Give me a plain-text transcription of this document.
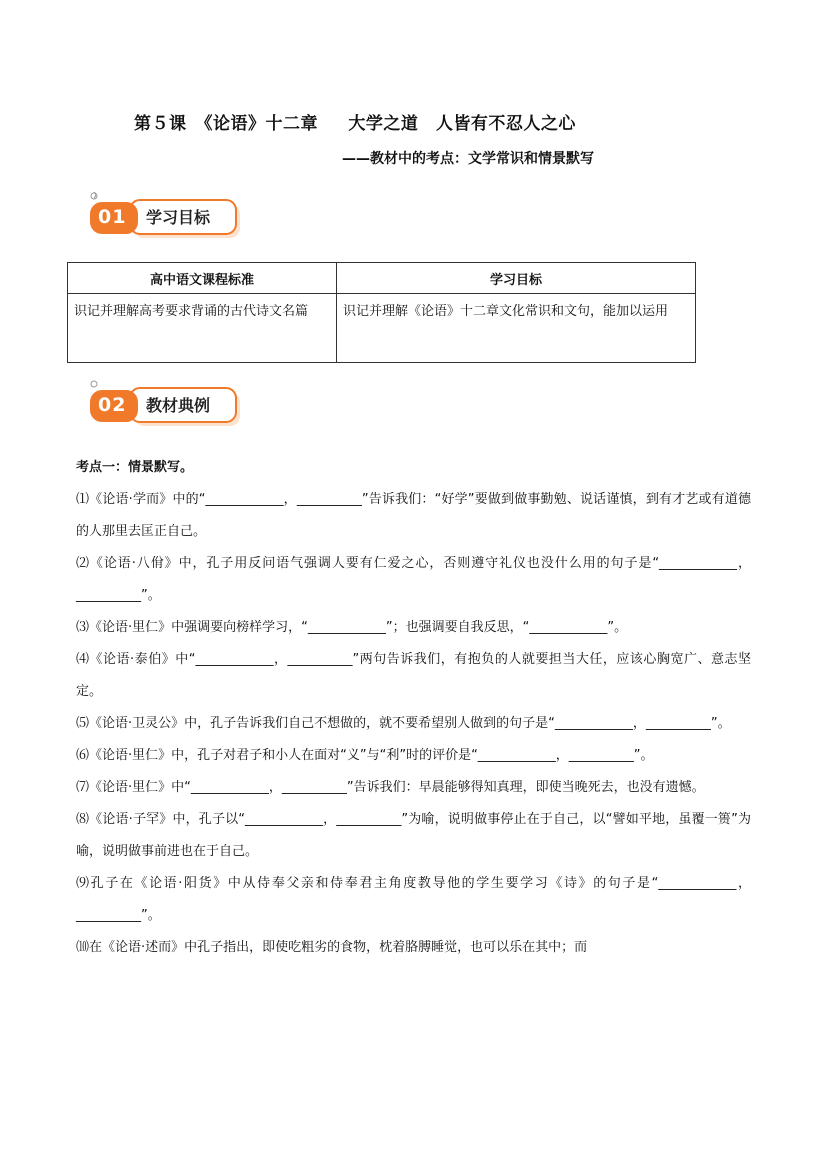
第５课　《论语》十二章　  大学之道　人皆有不忍人之心
——教材中的考点：文学常识和情景默写
01 学习目标
高中语文课程标准	学习目标
识记并理解高考要求背诵的古代诗文名篇	识记并理解《论语》十二章文化常识和文句，能加以运用
02 教材典例

考点一：情景默写。

⑴《论语·学而》中的“____________，__________”告诉我们：“好学”要做到做事勤勉、说话谨慎，到有才艺或有道德的人那里去匡正自己。

⑵《论语·八佾》中，孔子用反问语气强调人要有仁爱之心，否则遵守礼仪也没什么用的句子是“____________，__________”。

⑶《论语·里仁》中强调要向榜样学习，“____________”；也强调要自我反思，“____________”。

⑷《论语·泰伯》中“____________，__________”两句告诉我们，有抱负的人就要担当大任，应该心胸宽广、意志坚定。

⑸《论语·卫灵公》中，孔子告诉我们自己不想做的，就不要希望别人做到的句子是“____________，__________”。

⑹《论语·里仁》中，孔子对君子和小人在面对“义”与“利”时的评价是“____________，__________”。

⑺《论语·里仁》中“____________，__________”告诉我们：早晨能够得知真理，即使当晚死去，也没有遗憾。

⑻《论语·子罕》中，孔子以“____________，__________”为喻，说明做事停止在于自己，以“譬如平地，虽覆一篑”为喻，说明做事前进也在于自己。

⑼孔子在《论语·阳货》中从侍奉父亲和侍奉君主角度教导他的学生要学习《诗》的句子是“____________，__________”。

⑽在《论语·述而》中孔子指出，即使吃粗劣的食物，枕着胳膊睡觉，也可以乐在其中；而
